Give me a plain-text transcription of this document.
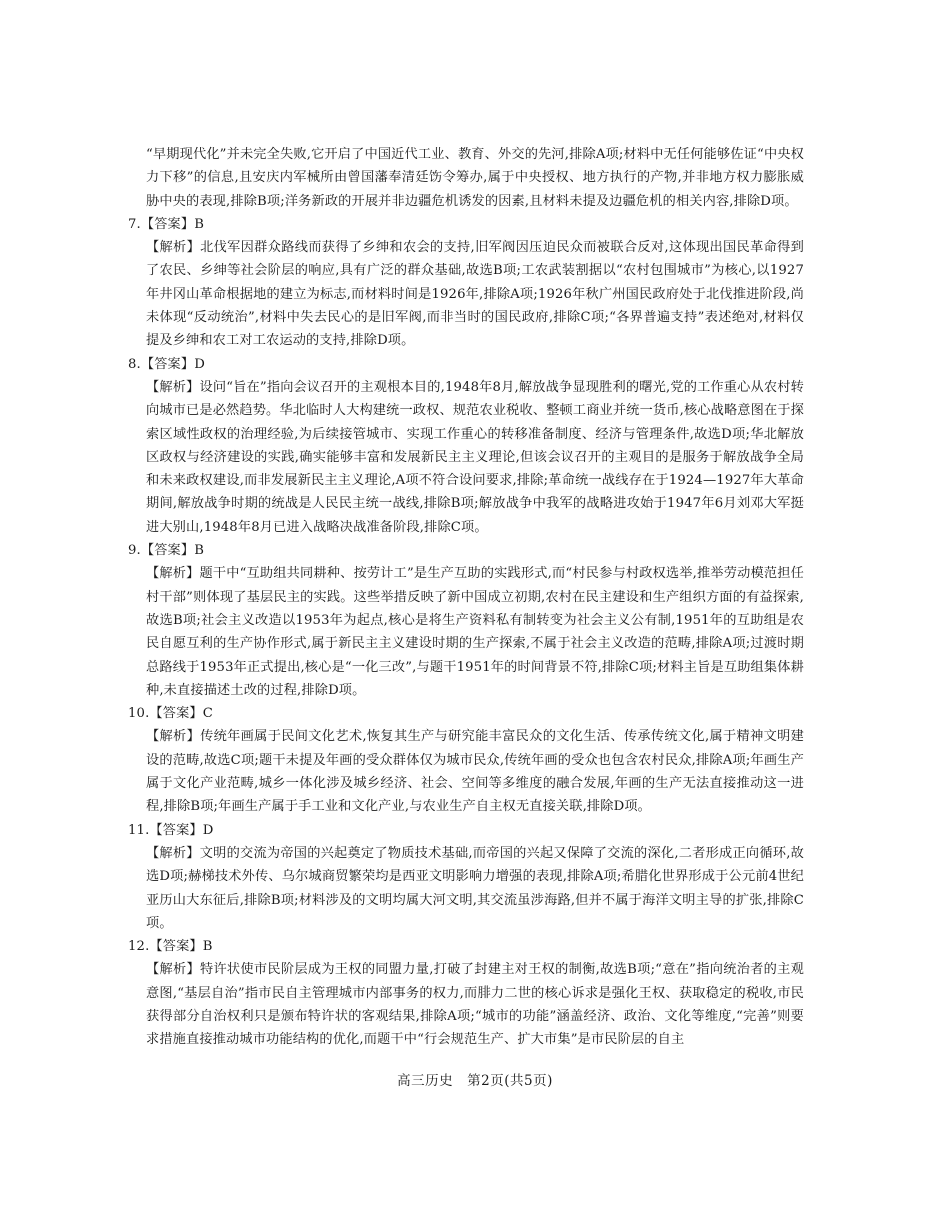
“早期现代化”并未完全失败,它开启了中国近代工业、教育、外交的先河,排除A项;材料中无任何能够佐证“中央权力下移”的信息,且安庆内军械所由曾国藩奉清廷饬令筹办,属于中央授权、地方执行的产物,并非地方权力膨胀威胁中央的表现,排除B项;洋务新政的开展并非边疆危机诱发的因素,且材料未提及边疆危机的相关内容,排除D项。

7.【答案】B

【解析】北伐军因群众路线而获得了乡绅和农会的支持,旧军阀因压迫民众而被联合反对,这体现出国民革命得到了农民、乡绅等社会阶层的响应,具有广泛的群众基础,故选B项;工农武装割据以“农村包围城市”为核心,以1927年井冈山革命根据地的建立为标志,而材料时间是1926年,排除A项;1926年秋广州国民政府处于北伐推进阶段,尚未体现“反动统治”,材料中失去民心的是旧军阀,而非当时的国民政府,排除C项;“各界普遍支持”表述绝对,材料仅提及乡绅和农工对工农运动的支持,排除D项。

8.【答案】D

【解析】设问“旨在”指向会议召开的主观根本目的,1948年8月,解放战争显现胜利的曙光,党的工作重心从农村转向城市已是必然趋势。华北临时人大构建统一政权、规范农业税收、整顿工商业并统一货币,核心战略意图在于探索区域性政权的治理经验,为后续接管城市、实现工作重心的转移准备制度、经济与管理条件,故选D项;华北解放区政权与经济建设的实践,确实能够丰富和发展新民主主义理论,但该会议召开的主观目的是服务于解放战争全局和未来政权建设,而非发展新民主主义理论,A项不符合设问要求,排除;革命统一战线存在于1924—1927年大革命期间,解放战争时期的统战是人民民主统一战线,排除B项;解放战争中我军的战略进攻始于1947年6月刘邓大军挺进大别山,1948年8月已进入战略决战准备阶段,排除C项。

9.【答案】B

【解析】题干中“互助组共同耕种、按劳计工”是生产互助的实践形式,而“村民参与村政权选举,推举劳动模范担任村干部”则体现了基层民主的实践。这些举措反映了新中国成立初期,农村在民主建设和生产组织方面的有益探索,故选B项;社会主义改造以1953年为起点,核心是将生产资料私有制转变为社会主义公有制,1951年的互助组是农民自愿互利的生产协作形式,属于新民主主义建设时期的生产探索,不属于社会主义改造的范畴,排除A项;过渡时期总路线于1953年正式提出,核心是“一化三改”,与题干1951年的时间背景不符,排除C项;材料主旨是互助组集体耕种,未直接描述土改的过程,排除D项。

10.【答案】C

【解析】传统年画属于民间文化艺术,恢复其生产与研究能丰富民众的文化生活、传承传统文化,属于精神文明建设的范畴,故选C项;题干未提及年画的受众群体仅为城市民众,传统年画的受众也包含农村民众,排除A项;年画生产属于文化产业范畴,城乡一体化涉及城乡经济、社会、空间等多维度的融合发展,年画的生产无法直接推动这一进程,排除B项;年画生产属于手工业和文化产业,与农业生产自主权无直接关联,排除D项。

11.【答案】D

【解析】文明的交流为帝国的兴起奠定了物质技术基础,而帝国的兴起又保障了交流的深化,二者形成正向循环,故选D项;赫梯技术外传、乌尔城商贸繁荣均是西亚文明影响力增强的表现,排除A项;希腊化世界形成于公元前4世纪亚历山大东征后,排除B项;材料涉及的文明均属大河文明,其交流虽涉海路,但并不属于海洋文明主导的扩张,排除C项。

12.【答案】B

【解析】特许状使市民阶层成为王权的同盟力量,打破了封建主对王权的制衡,故选B项;“意在”指向统治者的主观意图,“基层自治”指市民自主管理城市内部事务的权力,而腓力二世的核心诉求是强化王权、获取稳定的税收,市民获得部分自治权利只是颁布特许状的客观结果,排除A项;“城市的功能”涵盖经济、政治、文化等维度,“完善”则要求措施直接推动城市功能结构的优化,而题干中“行会规范生产、扩大市集”是市民阶层的自主

高三历史　第2页(共5页)
